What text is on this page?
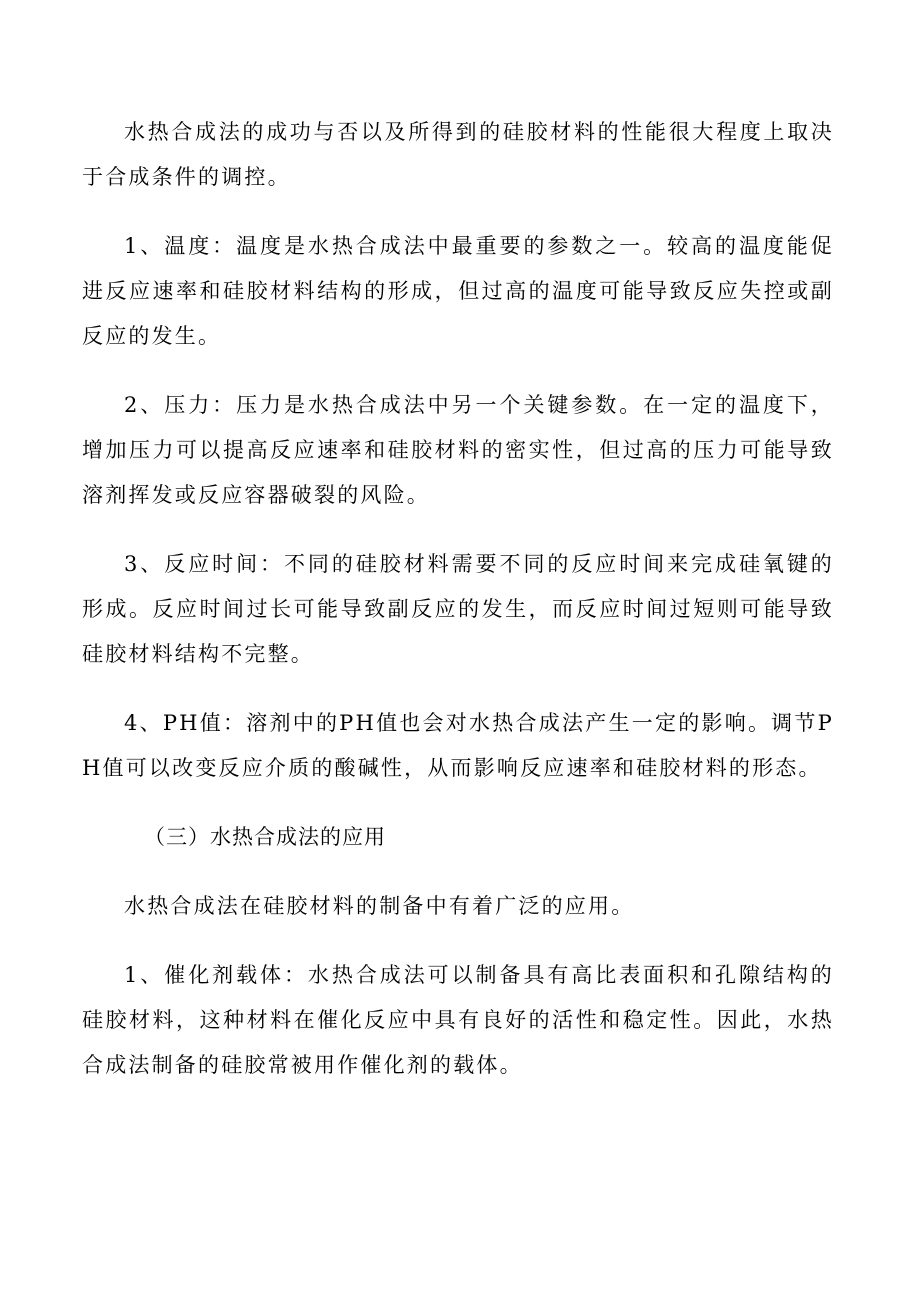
水热合成法的成功与否以及所得到的硅胶材料的性能很大程度上取决于合成条件的调控。

1、温度：温度是水热合成法中最重要的参数之一。较高的温度能促进反应速率和硅胶材料结构的形成，但过高的温度可能导致反应失控或副反应的发生。

2、压力：压力是水热合成法中另一个关键参数。在一定的温度下，增加压力可以提高反应速率和硅胶材料的密实性，但过高的压力可能导致溶剂挥发或反应容器破裂的风险。

3、反应时间：不同的硅胶材料需要不同的反应时间来完成硅氧键的形成。反应时间过长可能导致副反应的发生，而反应时间过短则可能导致硅胶材料结构不完整。

4、PH值：溶剂中的PH值也会对水热合成法产生一定的影响。调节PH值可以改变反应介质的酸碱性，从而影响反应速率和硅胶材料的形态。

（三）水热合成法的应用

水热合成法在硅胶材料的制备中有着广泛的应用。

1、催化剂载体：水热合成法可以制备具有高比表面积和孔隙结构的硅胶材料，这种材料在催化反应中具有良好的活性和稳定性。因此，水热合成法制备的硅胶常被用作催化剂的载体。
